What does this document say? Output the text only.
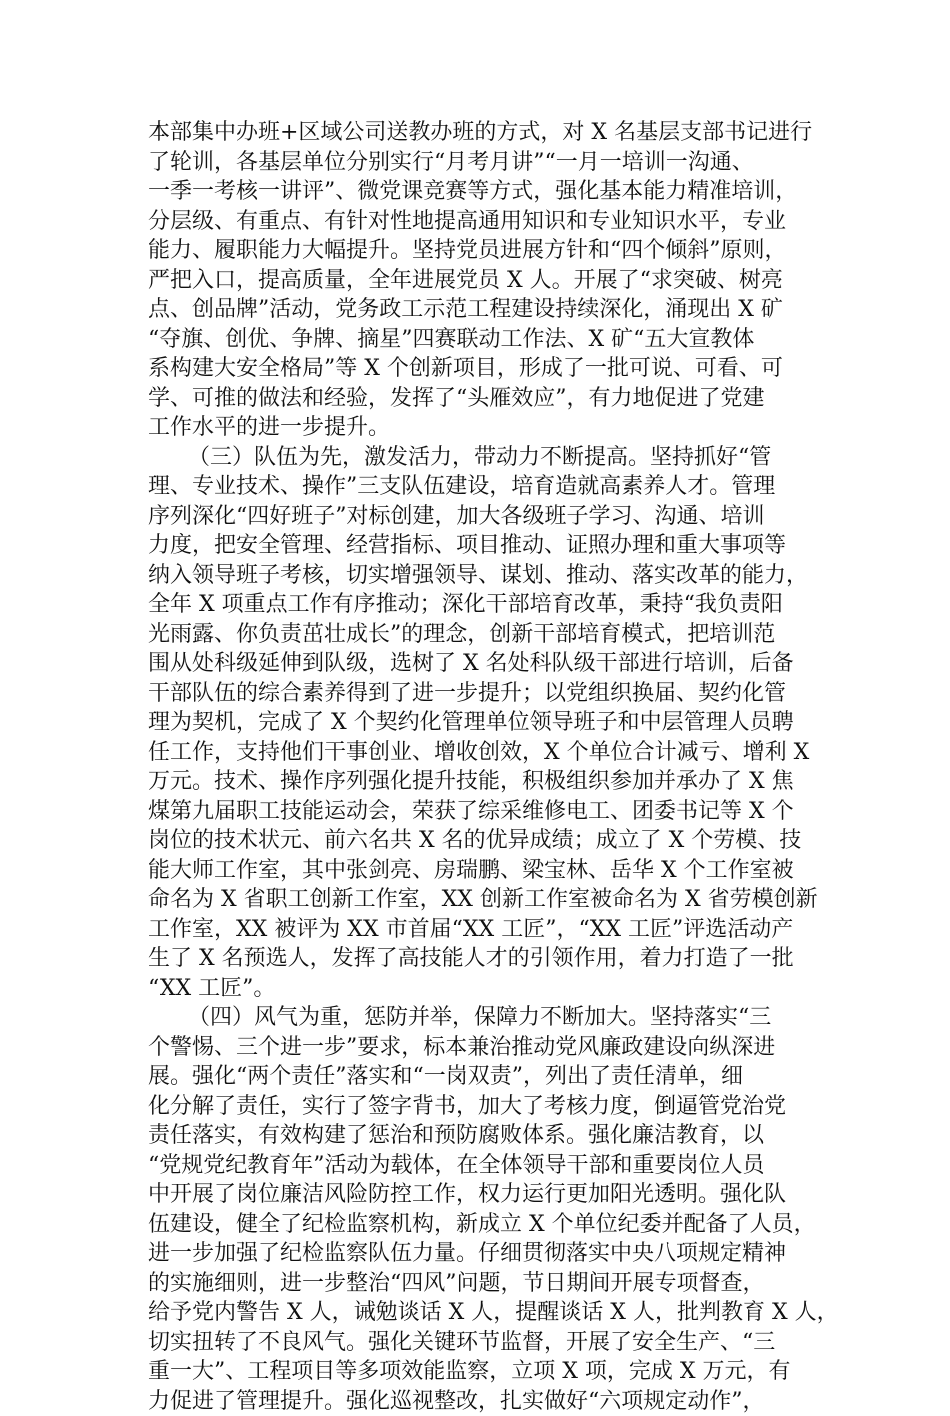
本部集中办班+区域公司送教办班的方式，对 X 名基层支部书记进行
了轮训，各基层单位分别实行“月考月讲”“一月一培训一沟通、
一季一考核一讲评”、微党课竞赛等方式，强化基本能力精准培训，
分层级、有重点、有针对性地提高通用知识和专业知识水平，专业
能力、履职能力大幅提升。坚持党员进展方针和“四个倾斜”原则，
严把入口，提高质量，全年进展党员 X 人。开展了“求突破、树亮
点、创品牌”活动，党务政工示范工程建设持续深化，涌现出 X 矿
“夺旗、创优、争牌、摘星”四赛联动工作法、X 矿“五大宣教体
系构建大安全格局”等 X 个创新项目，形成了一批可说、可看、可
学、可推的做法和经验，发挥了“头雁效应”，有力地促进了党建
工作水平的进一步提升。
（三）队伍为先，激发活力，带动力不断提高。坚持抓好“管
理、专业技术、操作”三支队伍建设，培育造就高素养人才。管理
序列深化“四好班子”对标创建，加大各级班子学习、沟通、培训
力度，把安全管理、经营指标、项目推动、证照办理和重大事项等
纳入领导班子考核，切实增强领导、谋划、推动、落实改革的能力，
全年 X 项重点工作有序推动；深化干部培育改革，秉持“我负责阳
光雨露、你负责茁壮成长”的理念，创新干部培育模式，把培训范
围从处科级延伸到队级，选树了 X 名处科队级干部进行培训，后备
干部队伍的综合素养得到了进一步提升；以党组织换届、契约化管
理为契机，完成了 X 个契约化管理单位领导班子和中层管理人员聘
任工作，支持他们干事创业、增收创效，X 个单位合计减亏、增利 X
万元。技术、操作序列强化提升技能，积极组织参加并承办了 X 焦
煤第九届职工技能运动会，荣获了综采维修电工、团委书记等 X 个
岗位的技术状元、前六名共 X 名的优异成绩；成立了 X 个劳模、技
能大师工作室，其中张剑亮、房瑞鹏、梁宝林、岳华 X 个工作室被
命名为 X 省职工创新工作室，XX 创新工作室被命名为 X 省劳模创新
工作室，XX 被评为 XX 市首届“XX 工匠”，“XX 工匠”评选活动产
生了 X 名预选人，发挥了高技能人才的引领作用，着力打造了一批
“XX 工匠”。
（四）风气为重，惩防并举，保障力不断加大。坚持落实“三
个警惕、三个进一步”要求，标本兼治推动党风廉政建设向纵深进
展。强化“两个责任”落实和“一岗双责”，列出了责任清单，细
化分解了责任，实行了签字背书，加大了考核力度，倒逼管党治党
责任落实，有效构建了惩治和预防腐败体系。强化廉洁教育，以
“党规党纪教育年”活动为载体，在全体领导干部和重要岗位人员
中开展了岗位廉洁风险防控工作，权力运行更加阳光透明。强化队
伍建设，健全了纪检监察机构，新成立 X 个单位纪委并配备了人员，
进一步加强了纪检监察队伍力量。仔细贯彻落实中央八项规定精神
的实施细则，进一步整治“四风”问题，节日期间开展专项督查，
给予党内警告 X 人，诫勉谈话 X 人，提醒谈话 X 人，批判教育 X 人，
切实扭转了不良风气。强化关键环节监督，开展了安全生产、“三
重一大”、工程项目等多项效能监察，立项 X 项，完成 X 万元，有
力促进了管理提升。强化巡视整改，扎实做好“六项规定动作”，
